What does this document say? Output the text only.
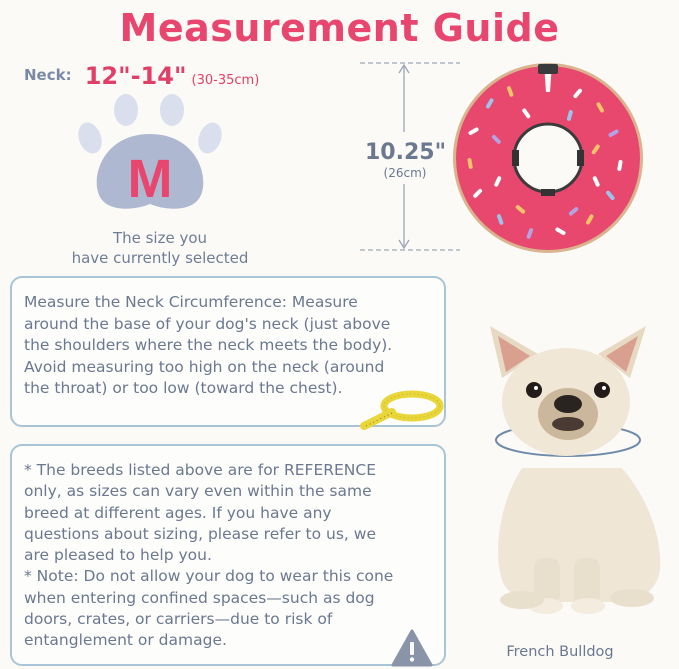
Measurement Guide
Neck: 12"-14" (30-35cm)
M
The size you
have currently selected
10.25"
(26cm)
Measure the Neck Circumference: Measure
around the base of your dog's neck (just above
the shoulders where the neck meets the body).
Avoid measuring too high on the neck (around
the throat) or too low (toward the chest).
* The breeds listed above are for REFERENCE
only, as sizes can vary even within the same
breed at different ages. If you have any
questions about sizing, please refer to us, we
are pleased to help you.
* Note: Do not allow your dog to wear this cone
when entering confined spaces—such as dog
doors, crates, or carriers—due to risk of
entanglement or damage.
French Bulldog
